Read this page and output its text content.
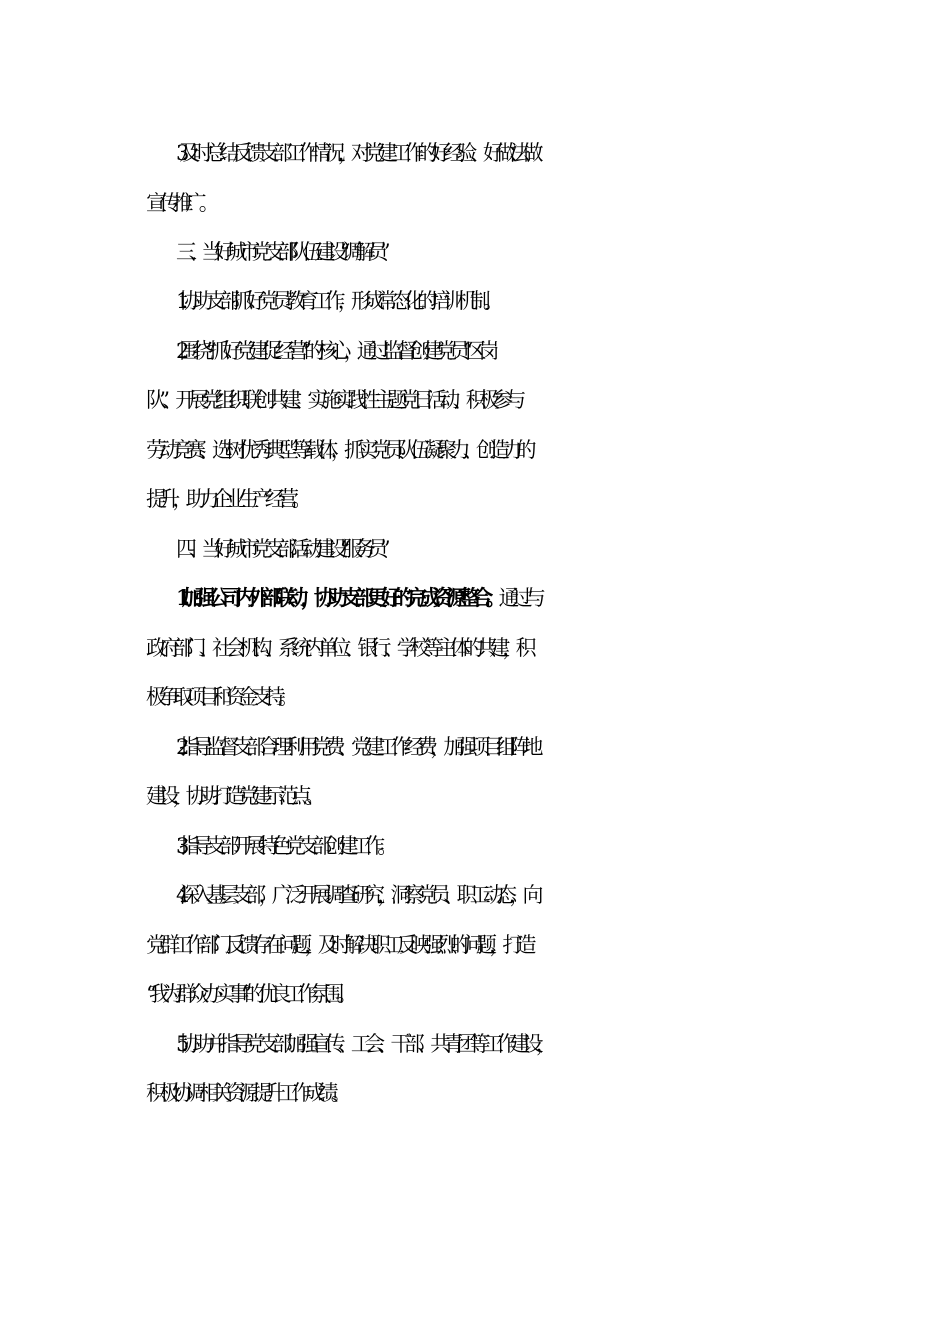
3. 及时总结反馈支部工作情况，对党建工作的好经验、好做法做
宣传推广。
三、当好城市党支部队伍建设“调解员”
1. 协助支部抓好党员教育工作，形成常态化的培训机制。
2. 围绕“抓好党建促经营”的核心，通过监督创建党员“区岗
队”、开展党组织联创共建、实施实践性主题党日活动、积极参与
劳动竞赛、选树优秀典型等载体，抓实党员队伍凝聚力、创造力的
提升，助力企业生产经营。
四、当好城市党支部活动建设“服务员”
1. 加强公司内外部联动，协助支部更好的完成资源整合。通过与
政府部门、社会机构、系统内单位、银行、学校等主体的共建，积
极争取项目和资金支持。
2. 指导监督支部合理利用党费、党建工作经费，加强项目组阵地
建设，协助打造党建示范点。
3. 指导支部开展特色党支部创建工作。
4. 深入基层支部，广泛开展调查研究，洞察党员、职工动态，向
党群工作部门反馈存在问题，及时解决职工反映强烈的问题，打造
“我为群众办实事”的优良工作氛围。
5. 协助并指导党支部加强宣传、工会、干部、共青团等工作建设，
积极协调相关资源提升工作成绩。
